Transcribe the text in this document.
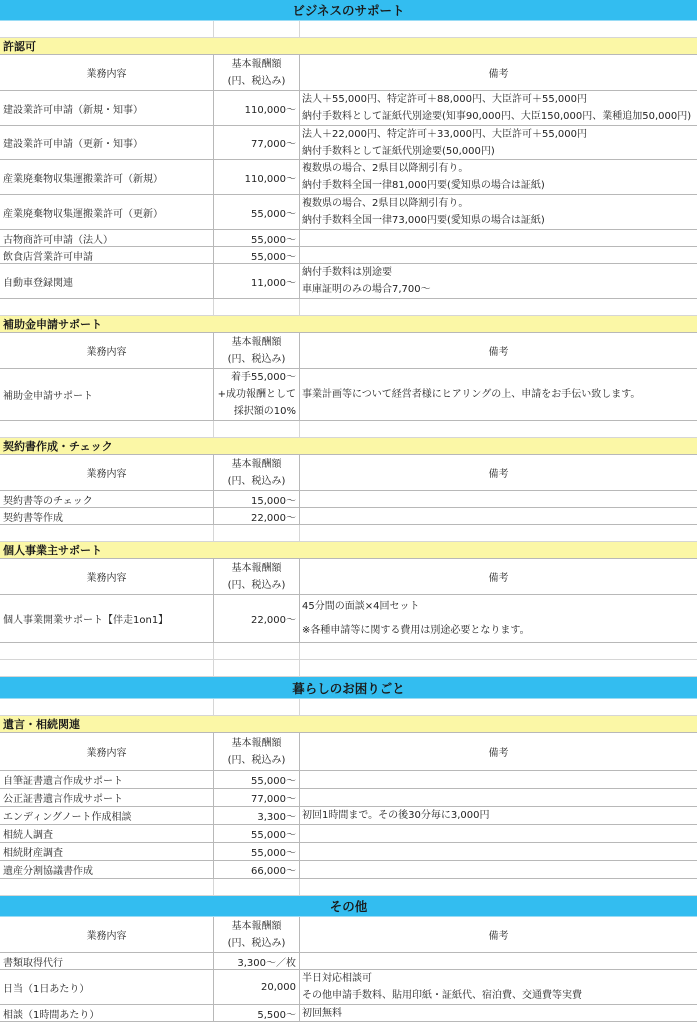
ビジネスのサポート
許認可
業務内容
基本報酬額
(円、税込み)
備考
建設業許可申請（新規・知事）	110,000〜
法人＋55,000円、特定許可＋88,000円、大臣許可＋55,000円
納付手数料として証紙代別途要(知事90,000円、大臣150,000円、業種追加50,000円)
建設業許可申請（更新・知事）	77,000〜
法人＋22,000円、特定許可＋33,000円、大臣許可＋55,000円
納付手数料として証紙代別途要(50,000円)
産業廃棄物収集運搬業許可（新規）	110,000〜
複数県の場合、2県目以降割引有り。
納付手数料全国一律81,000円要(愛知県の場合は証紙)
産業廃棄物収集運搬業許可（更新）	55,000〜
複数県の場合、2県目以降割引有り。
納付手数料全国一律73,000円要(愛知県の場合は証紙)
古物商許可申請（法人）	55,000〜
飲食店営業許可申請	55,000〜
自動車登録関連	11,000〜
納付手数料は別途要
車庫証明のみの場合7,700〜
補助金申請サポート
業務内容
基本報酬額
(円、税込み)
備考
補助金申請サポート
着手55,000〜
+成功報酬として
採択額の10%
事業計画等について経営者様にヒアリングの上、申請をお手伝い致します。
契約書作成・チェック
業務内容
基本報酬額
(円、税込み)
備考
契約書等のチェック	15,000〜
契約書等作成	22,000〜
個人事業主サポート
業務内容
基本報酬額
(円、税込み)
備考
個人事業開業サポート【伴走1on1】	22,000〜
45分間の面談×4回セット
※各種申請等に関する費用は別途必要となります。
暮らしのお困りごと
遺言・相続関連
業務内容
基本報酬額
(円、税込み)
備考
自筆証書遺言作成サポート	55,000〜
公正証書遺言作成サポート	77,000〜
エンディングノート作成相談	3,300〜 初回1時間まで。その後30分毎に3,000円
相続人調査	55,000〜
相続財産調査	55,000〜
遺産分割協議書作成	66,000〜
その他
業務内容
基本報酬額
(円、税込み)
備考
書類取得代行	3,300〜／枚
日当（1日あたり）	20,000
半日対応相談可
その他申請手数料、貼用印紙・証紙代、宿泊費、交通費等実費
相談（1時間あたり）	5,500〜 初回無料
